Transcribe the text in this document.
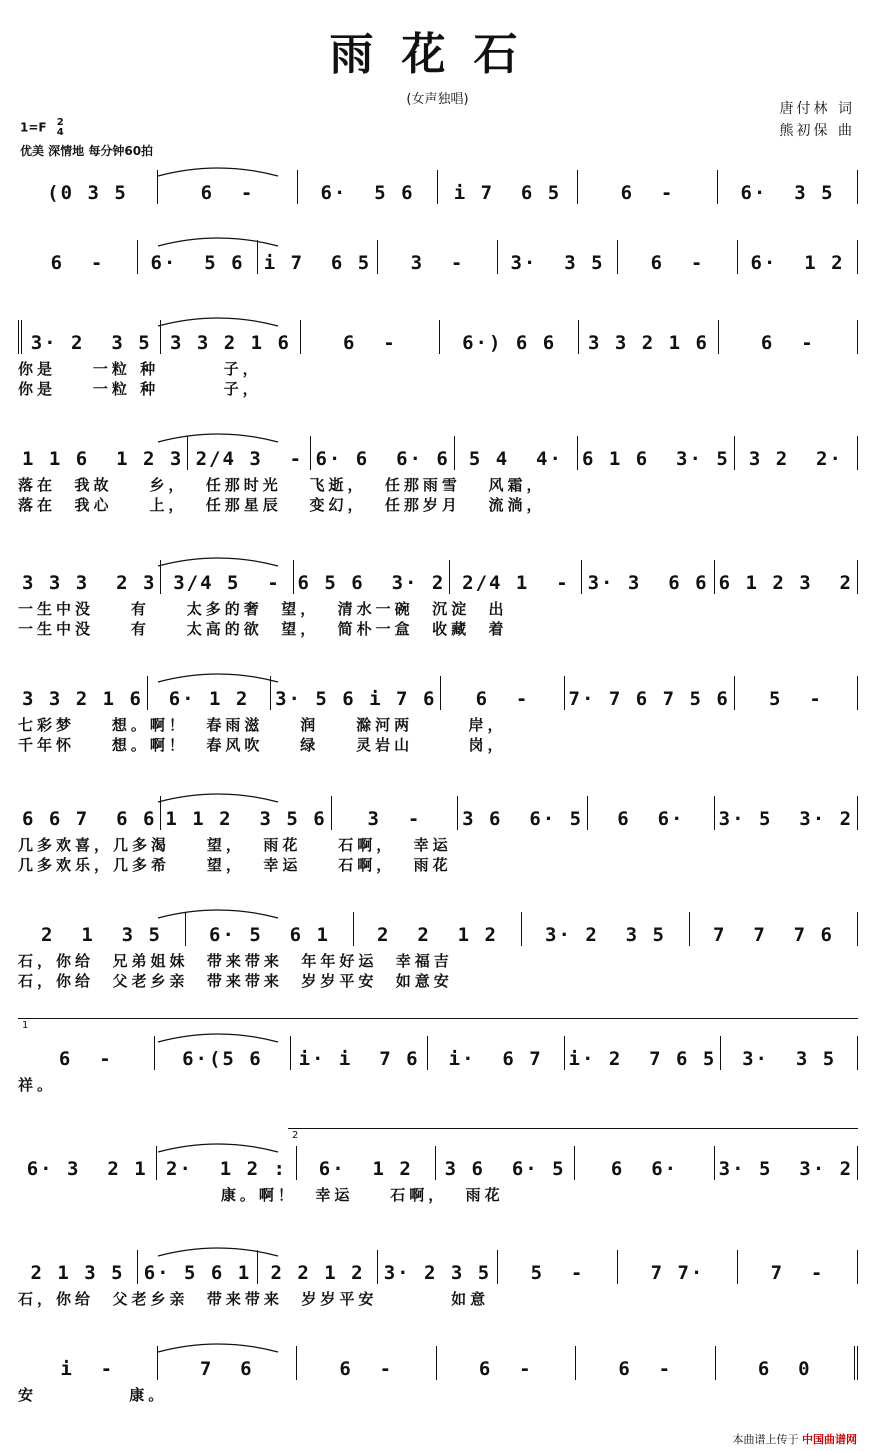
雨花石
(女声独唱)
唐付林 词
熊初保 曲
1=F 2
4
优美 深情地 每分钟60拍
(0 3 5	6  -	6·  5 6 i 7  6 5	6  -	6·  3 5
6  - 6·  5 6 i 7  6 5 3  - 3·  3 5 6  - 6·  1 2
3· 2  3 5 3 3 2 1 6	6  -	6·) 6 6 3 3 2 1 6	6  -
你是    一粒 种       子，
你是    一粒 种       子，
1 1 6  1 2 3 2/4 3  - 6· 6  6· 6 5 4  4· 6 1 6  3· 5 3 2  2·
落在  我故    乡，  任那时光   飞逝，  任那雨雪   风霜，
落在  我心    上，  任那星辰   变幻，  任那岁月   流淌，
3 3 3  2 3 3/4 5  - 6 5 6  3· 2 2/4 1  - 3· 3  6 6 6 1 2 3  2
一生中没    有    太多的奢  望，  清水一碗  沉淀  出
一生中没    有    太高的欲  望，  简朴一盒  收藏  着
3 3 2 1 6 6· 1 2 3· 5 6 i 7 6 6  - 7· 7 6 7 5 6 5  -
七彩梦    想。啊！  春雨滋    润    滁河两      岸，
千年怀    想。啊！  春风吹    绿    灵岩山      岗，
6 6 7  6 6 1 1 2  3 5 6 3  - 3 6  6· 5 6  6· 3· 5  3· 2
几多欢喜，几多渴    望，  雨花    石啊，  幸运
几多欢乐，几多希    望，  幸运    石啊，  雨花
2  1  3 5 6· 5  6 1 2  2  1 2 3· 2  3 5 7  7  7 6
石，你给  兄弟姐妹  带来带来  年年好运  幸福吉
石，你给  父老乡亲  带来带来  岁岁平安  如意安
1
6  -	6·(5 6 i· i  7 6 i·  6 7 i· 2  7 6 5 3·  3 5
祥。
2
6· 3  2 1 2·  1 2 : 6·  1 2 3 6  6· 5 6  6· 3· 5  3· 2
康。啊！  幸运    石啊，  雨花
2 1 3 5 6· 5 6 1 2 2 1 2 3· 2 3 5 5  -	7 7·	7  -
石，你给  父老乡亲  带来带来  岁岁平安        如意
i  -	7  6	6  -	6  -	6  -	6  0
安          康。
本曲谱上传于 中国曲谱网
